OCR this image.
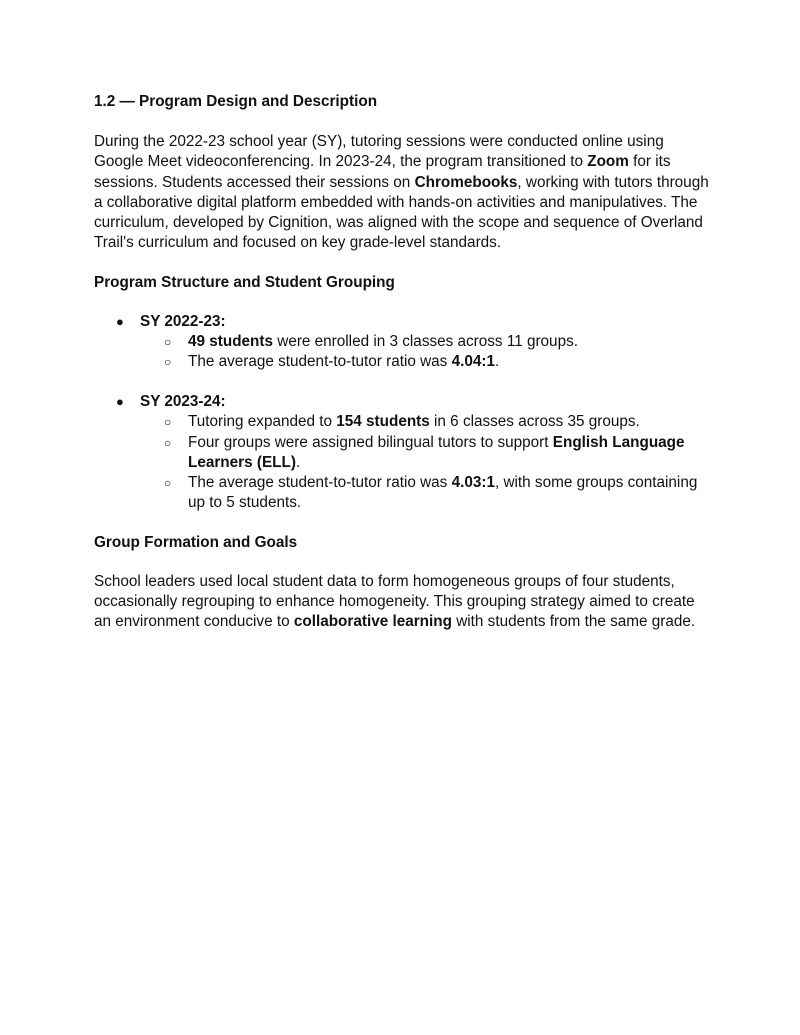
1.2 — Program Design and Description

During the 2022-23 school year (SY), tutoring sessions were conducted online using Google Meet videoconferencing. In 2023-24, the program transitioned to Zoom for its sessions. Students accessed their sessions on Chromebooks, working with tutors through a collaborative digital platform embedded with hands-on activities and manipulatives. The curriculum, developed by Cignition, was aligned with the scope and sequence of Overland Trail's curriculum and focused on key grade-level standards.

Program Structure and Student Grouping
● SY 2022-23:
○ 49 students were enrolled in 3 classes across 11 groups.
○ The average student-to-tutor ratio was 4.04:1.
● SY 2023-24:
○ Tutoring expanded to 154 students in 6 classes across 35 groups.
○ Four groups were assigned bilingual tutors to support English Language Learners (ELL).
○ The average student-to-tutor ratio was 4.03:1, with some groups containing up to 5 students.
Group Formation and Goals

School leaders used local student data to form homogeneous groups of four students, occasionally regrouping to enhance homogeneity. This grouping strategy aimed to create an environment conducive to collaborative learning with students from the same grade.
